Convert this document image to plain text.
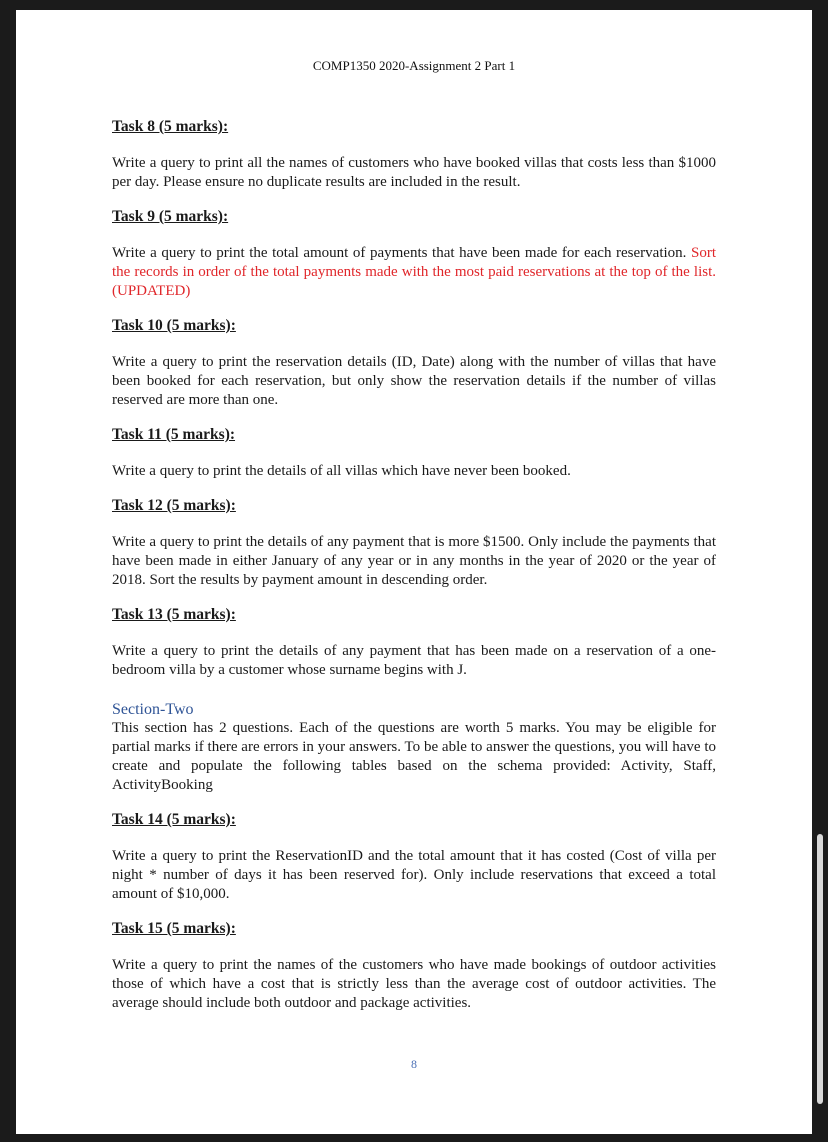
COMP1350 2020-Assignment 2 Part 1

Task 8 (5 marks):

Write a query to print all the names of customers who have booked villas that costs less than $1000 per day. Please ensure no duplicate results are included in the result.

Task 9 (5 marks):

Write a query to print the total amount of payments that have been made for each reservation. Sort the records in order of the total payments made with the most paid reservations at the top of the list. (UPDATED)

Task 10 (5 marks):

Write a query to print the reservation details (ID, Date) along with the number of villas that have been booked for each reservation, but only show the reservation details if the number of villas reserved are more than one.

Task 11 (5 marks):

Write a query to print the details of all villas which have never been booked.

Task 12 (5 marks):

Write a query to print the details of any payment that is more $1500. Only include the payments that have been made in either January of any year or in any months in the year of 2020 or the year of 2018. Sort the results by payment amount in descending order.

Task 13 (5 marks):

Write a query to print the details of any payment that has been made on a reservation of a one-bedroom villa by a customer whose surname begins with J.

Section-Two

This section has 2 questions. Each of the questions are worth 5 marks. You may be eligible for partial marks if there are errors in your answers. To be able to answer the questions, you will have to create and populate the following tables based on the schema provided: Activity, Staff, ActivityBooking

Task 14 (5 marks):

Write a query to print the ReservationID and the total amount that it has costed (Cost of villa per night * number of days it has been reserved for). Only include reservations that exceed a total amount of $10,000.

Task 15 (5 marks):

Write a query to print the names of the customers who have made bookings of outdoor activities those of which have a cost that is strictly less than the average cost of outdoor activities. The average should include both outdoor and package activities.

8
